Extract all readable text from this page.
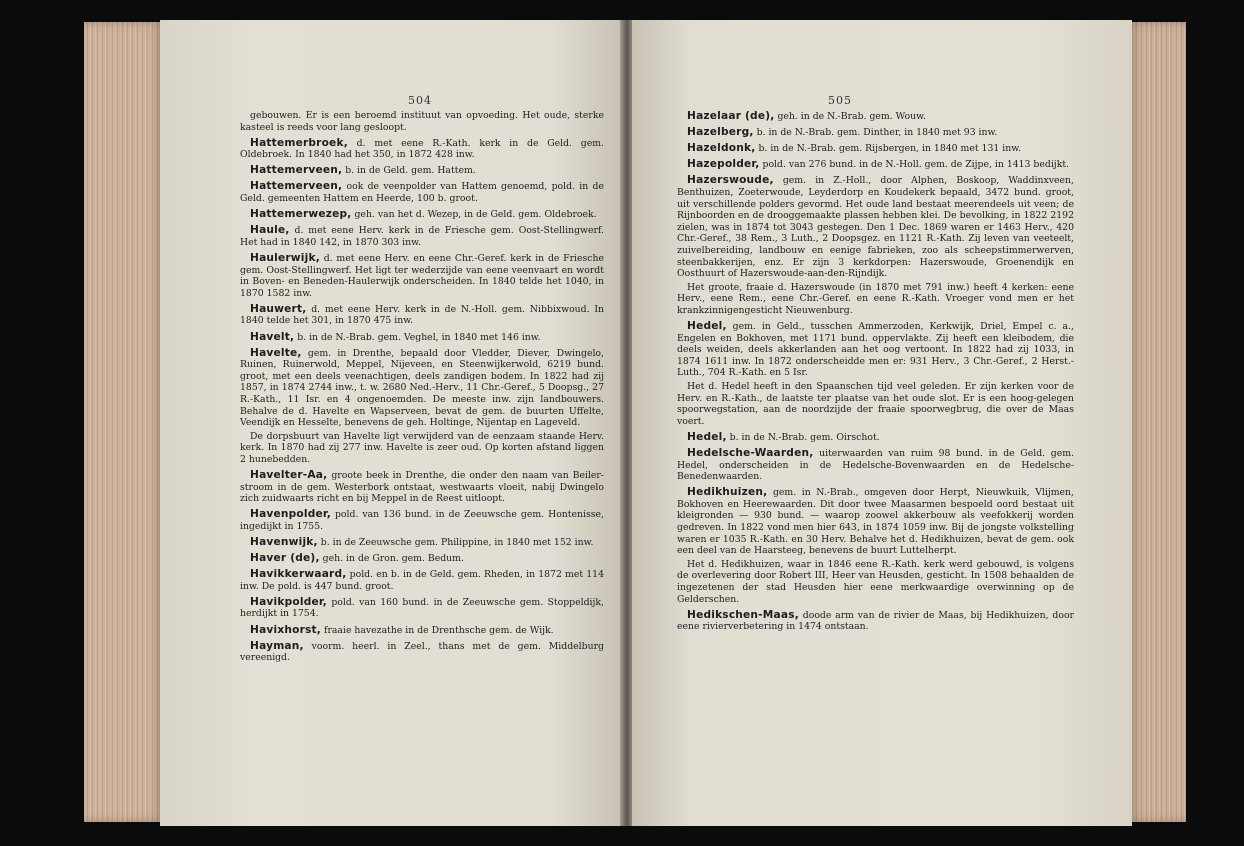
504

gebouwen. Er is een beroemd instituut van opvoeding. Het oude, sterke kasteel is reeds voor lang gesloopt.

Hattemerbroek, d. met eene R.-Kath. kerk in de Geld. gem. Oldebroek. In 1840 had het 350, in 1872 428 inw.

Hattemerveen, b. in de Geld. gem. Hattem.

Hattemerveen, ook de veenpolder van Hattem genoemd, pold. in de Geld. gemeenten Hattem en Heerde, 100 b. groot.

Hattemerwezep, geh. van het d. Wezep, in de Geld. gem. Oldebroek.

Haule, d. met eene Herv. kerk in de Friesche gem. Oost-Stellingwerf. Het had in 1840 142, in 1870 303 inw.

Haulerwijk, d. met eene Herv. en eene Chr.-Geref. kerk in de Friesche gem. Oost-Stellingwerf. Het ligt ter wederzijde van eene veenvaart en wordt in Boven- en Beneden-Haulerwijk onderscheiden. In 1840 telde het 1040, in 1870 1582 inw.

Hauwert, d. met eene Herv. kerk in de N.-Holl. gem. Nibbixwoud. In 1840 telde het 301, in 1870 475 inw.

Havelt, b. in de N.-Brab. gem. Veghel, in 1840 met 146 inw.

Havelte, gem. in Drenthe, bepaald door Vledder, Diever, Dwingelo, Ruinen, Ruinerwold, Meppel, Nijeveen, en Steenwijkerwold, 6219 bund. groot, met een deels veenachtigen, deels zandigen bodem. In 1822 had zij 1857, in 1874 2744 inw., t. w. 2680 Ned.-Herv., 11 Chr.-Geref., 5 Doopsg., 27 R.-Kath., 11 Isr. en 4 ongenoemden. De meeste inw. zijn landbouwers. Behalve de d. Havelte en Wapserveen, bevat de gem. de buurten Uffelte, Veendijk en Hesselte, benevens de geh. Holtinge, Nijentap en Lageveld.

De dorpsbuurt van Havelte ligt verwijderd van de eenzaam staande Herv. kerk. In 1870 had zij 277 inw. Havelte is zeer oud. Op korten afstand liggen 2 hunebedden.

Havelter-Aa, groote beek in Drenthe, die onder den naam van Beiler-stroom in de gem. Westerbork ontstaat, westwaarts vloeit, nabij Dwingelo zich zuidwaarts richt en bij Meppel in de Reest uitloopt.

Havenpolder, pold. van 136 bund. in de Zeeuwsche gem. Hontenisse, ingedijkt in 1755.

Havenwijk, b. in de Zeeuwsche gem. Philippine, in 1840 met 152 inw.

Haver (de), geh. in de Gron. gem. Bedum.

Havikkerwaard, pold. en b. in de Geld. gem. Rheden, in 1872 met 114 inw. De pold. is 447 bund. groot.

Havikpolder, pold. van 160 bund. in de Zeeuwsche gem. Stoppeldijk, herdijkt in 1754.

Havixhorst, fraaie havezathe in de Drenthsche gem. de Wijk.

Hayman, voorm. heerl. in Zeel., thans met de gem. Middelburg vereenigd.

505

Hazelaar (de), geh. in de N.-Brab. gem. Wouw.

Hazelberg, b. in de N.-Brab. gem. Dinther, in 1840 met 93 inw.

Hazeldonk, b. in de N.-Brab. gem. Rijsbergen, in 1840 met 131 inw.

Hazepolder, pold. van 276 bund. in de N.-Holl. gem. de Zijpe, in 1413 bedijkt.

Hazerswoude, gem. in Z.-Holl., door Alphen, Boskoop, Waddinxveen, Benthuizen, Zoeterwoude, Leyderdorp en Koudekerk bepaald, 3472 bund. groot, uit verschillende polders gevormd. Het oude land bestaat meerendeels uit veen; de Rijnboorden en de drooggemaakte plassen hebben klei. De bevolking, in 1822 2192 zielen, was in 1874 tot 3043 gestegen. Den 1 Dec. 1869 waren er 1463 Herv., 420 Chr.-Geref., 38 Rem., 3 Luth., 2 Doopsgez. en 1121 R.-Kath. Zij leven van veeteelt, zuivelbereiding, landbouw en eenige fabrieken, zoo als scheepstimmerwerven, steenbakkerijen, enz. Er zijn 3 kerkdorpen: Hazerswoude, Groenendijk en Oosthuurt of Hazerswoude-aan-den-Rijndijk.

Het groote, fraaie d. Hazerswoude (in 1870 met 791 inw.) heeft 4 kerken: eene Herv., eene Rem., eene Chr.-Geref. en eene R.-Kath. Vroeger vond men er het krankzinnigengesticht Nieuwenburg.

Hedel, gem. in Geld., tusschen Ammerzoden, Kerkwijk, Driel, Empel c. a., Engelen en Bokhoven, met 1171 bund. oppervlakte. Zij heeft een kleibodem, die deels weiden, deels akkerlanden aan het oog vertoont. In 1822 had zij 1033, in 1874 1611 inw. In 1872 onderscheidde men er: 931 Herv., 3 Chr.-Geref., 2 Herst.-Luth., 704 R.-Kath. en 5 Isr.

Het d. Hedel heeft in den Spaanschen tijd veel geleden. Er zijn kerken voor de Herv. en R.-Kath., de laatste ter plaatse van het oude slot. Er is een hoog-gelegen spoorwegstation, aan de noordzijde der fraaie spoorwegbrug, die over de Maas voert.

Hedel, b. in de N.-Brab. gem. Oirschot.

Hedelsche-Waarden, uiterwaarden van ruim 98 bund. in de Geld. gem. Hedel, onderscheiden in de Hedelsche-Bovenwaarden en de Hedelsche-Benedenwaarden.

Hedikhuizen, gem. in N.-Brab., omgeven door Herpt, Nieuwkuik, Vlijmen, Bokhoven en Heerewaarden. Dit door twee Maasarmen bespoeld oord bestaat uit kleigronden — 930 bund. — waarop zoowel akkerbouw als veefokkerij worden gedreven. In 1822 vond men hier 643, in 1874 1059 inw. Bij de jongste volkstelling waren er 1035 R.-Kath. en 30 Herv. Behalve het d. Hedikhuizen, bevat de gem. ook een deel van de Haarsteeg, benevens de buurt Luttelherpt.

Het d. Hedikhuizen, waar in 1846 eene R.-Kath. kerk werd gebouwd, is volgens de overlevering door Robert III, Heer van Heusden, gesticht. In 1508 behaalden de ingezetenen der stad Heusden hier eene merkwaardige overwinning op de Gelderschen.

Hedikschen-Maas, doode arm van de rivier de Maas, bij Hedikhuizen, door eene rivierverbetering in 1474 ontstaan.
